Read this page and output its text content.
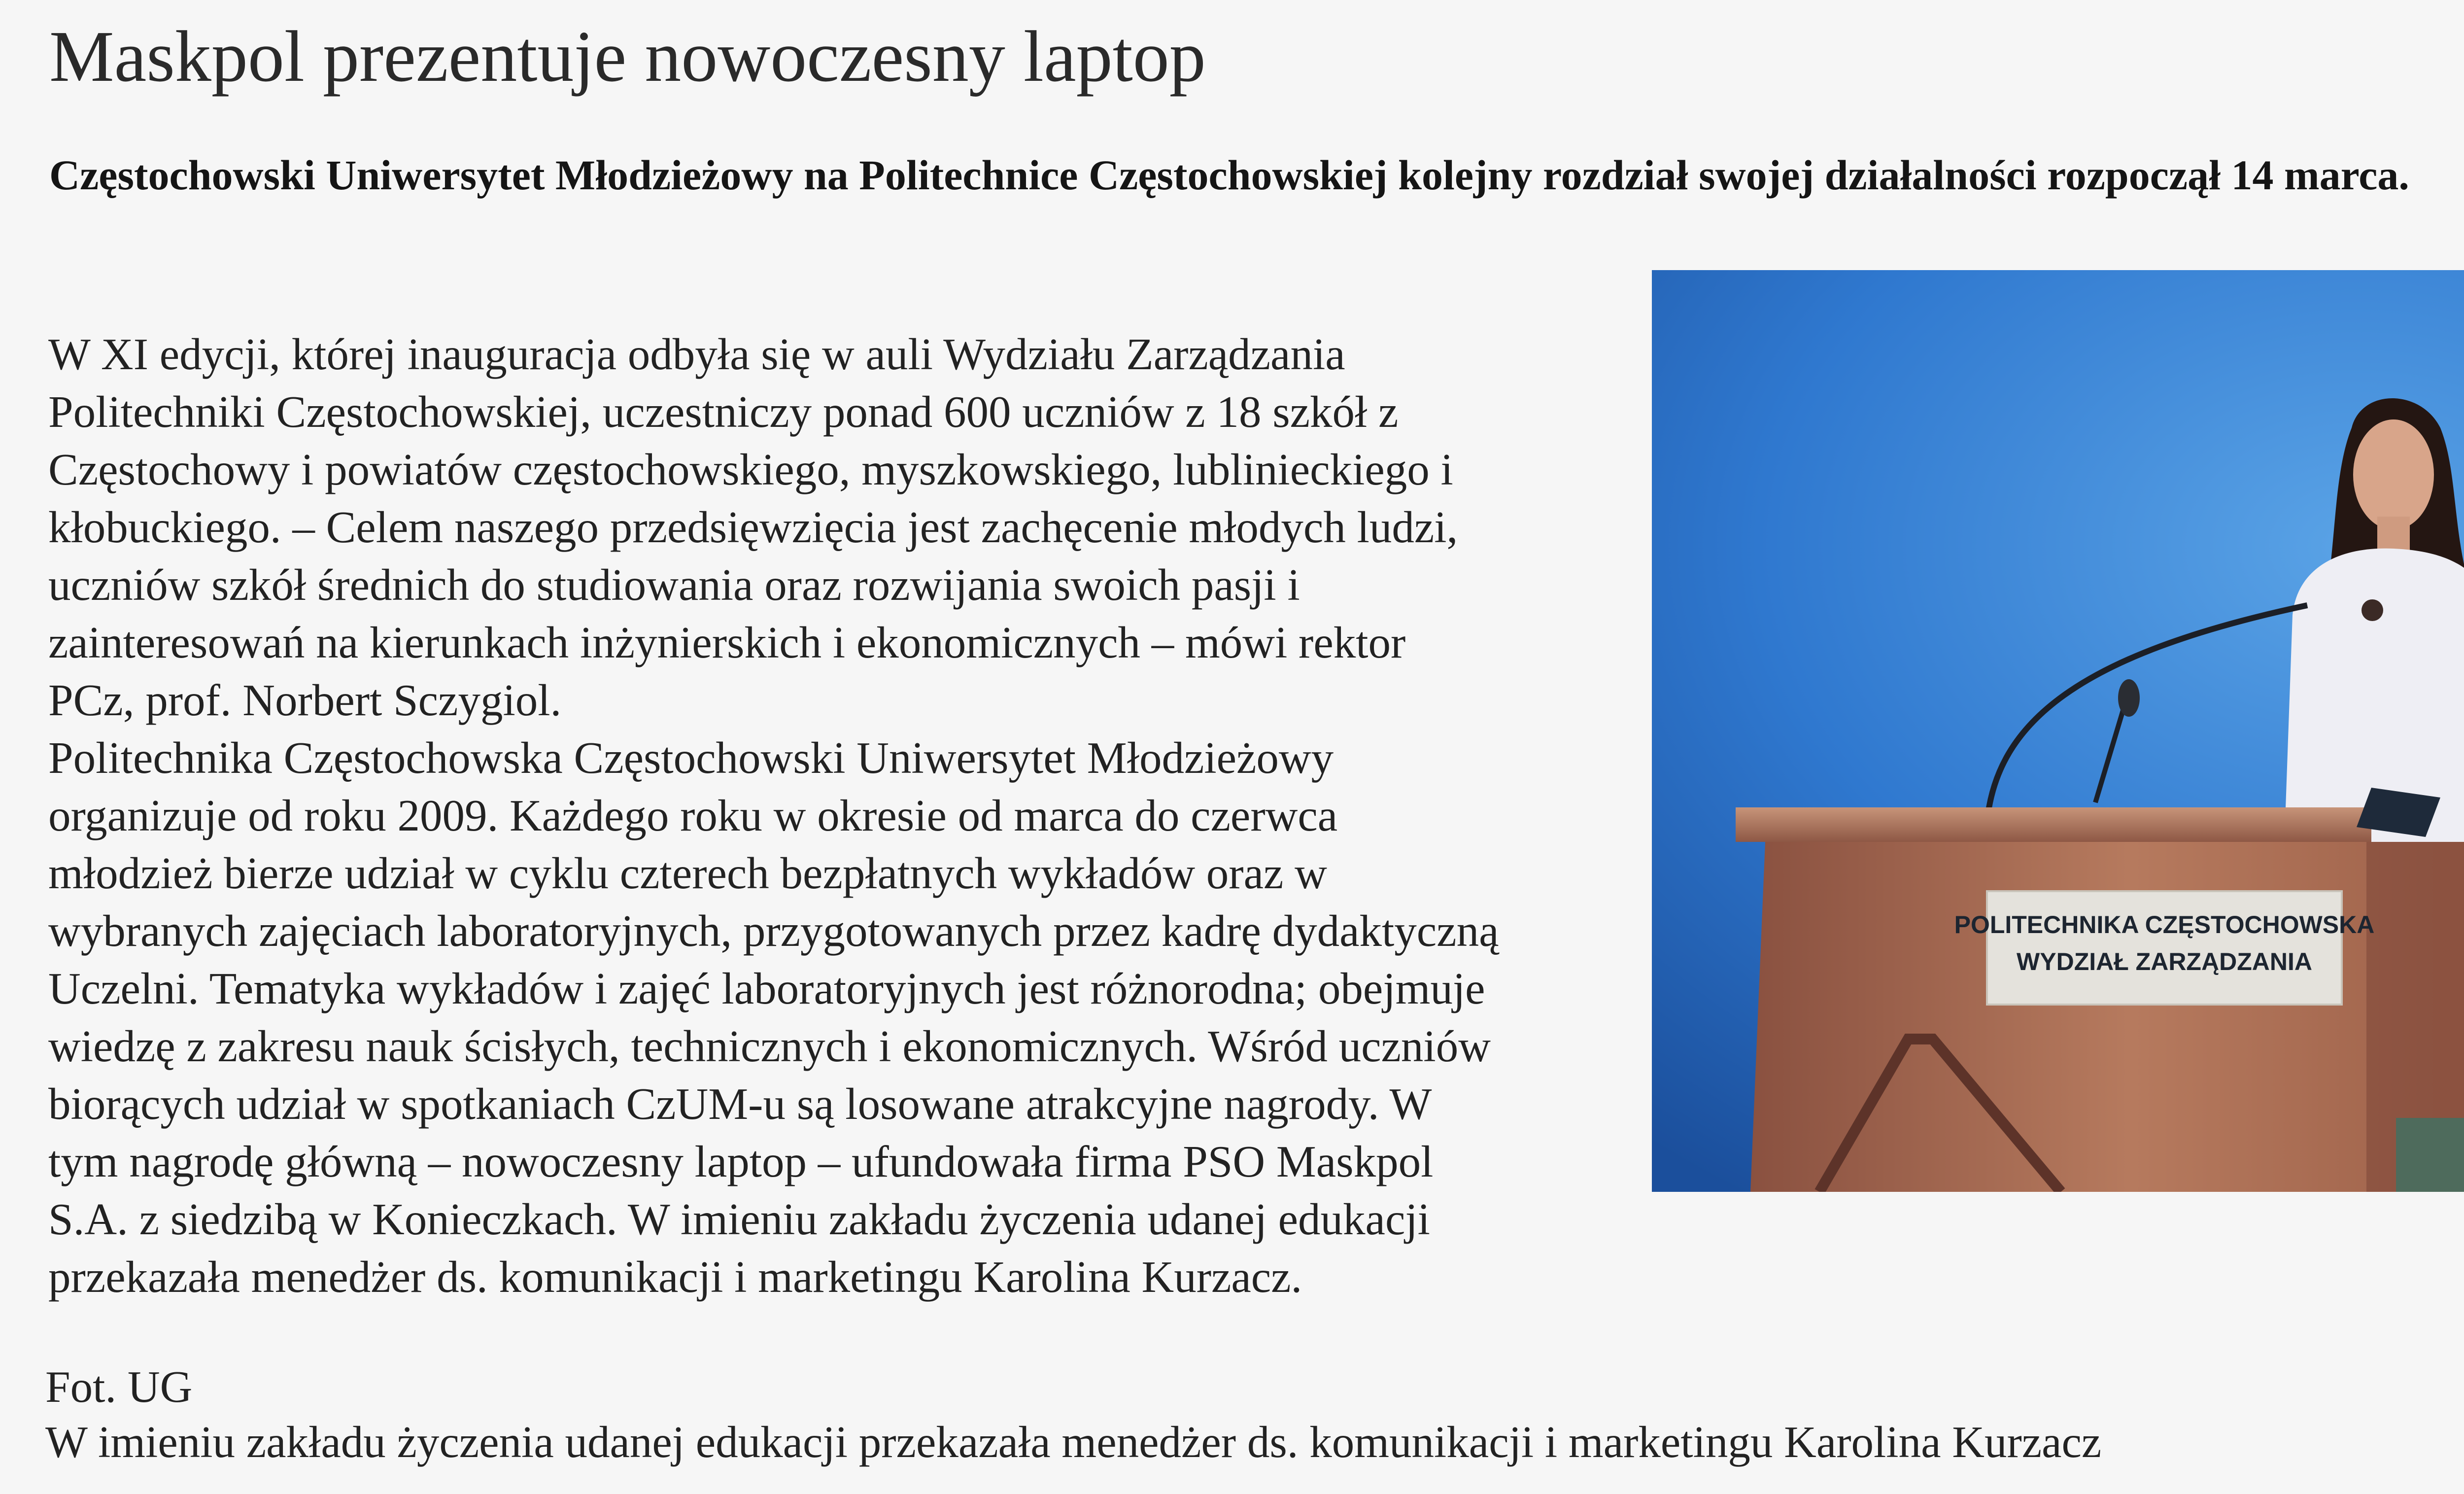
Maskpol prezentuje nowoczesny laptop
Częstochowski Uniwersytet Młodzieżowy na Politechnice Częstochowskiej kolejny rozdział swojej działalności rozpoczął 14 marca.
W XI edycji, której inauguracja odbyła się w auli Wydziału Zarządzania
Politechniki Częstochowskiej, uczestniczy ponad 600 uczniów z 18 szkół z
Częstochowy i powiatów częstochowskiego, myszkowskiego, lublinieckiego i
kłobuckiego. – Celem naszego przedsięwzięcia jest zachęcenie młodych ludzi,
uczniów szkół średnich do studiowania oraz rozwijania swoich pasji i
zainteresowań na kierunkach inżynierskich i ekonomicznych – mówi rektor
PCz, prof. Norbert Sczygiol.
Politechnika Częstochowska Częstochowski Uniwersytet Młodzieżowy
organizuje od roku 2009. Każdego roku w okresie od marca do czerwca
młodzież bierze udział w cyklu czterech bezpłatnych wykładów oraz w
wybranych zajęciach laboratoryjnych, przygotowanych przez kadrę dydaktyczną
Uczelni. Tematyka wykładów i zajęć laboratoryjnych jest różnorodna; obejmuje
wiedzę z zakresu nauk ścisłych, technicznych i ekonomicznych. Wśród uczniów
biorących udział w spotkaniach CzUM-u są losowane atrakcyjne nagrody. W
tym nagrodę główną – nowoczesny laptop – ufundowała firma PSO Maskpol
S.A. z siedzibą w Konieczkach. W imieniu zakładu życzenia udanej edukacji
przekazała menedżer ds. komunikacji i marketingu Karolina Kurzacz.
POLITECHNIKA CZĘSTOCHOWSKA
WYDZIAŁ ZARZĄDZANIA
Fot. UG
W imieniu zakładu życzenia udanej edukacji przekazała menedżer ds. komunikacji i marketingu Karolina Kurzacz
